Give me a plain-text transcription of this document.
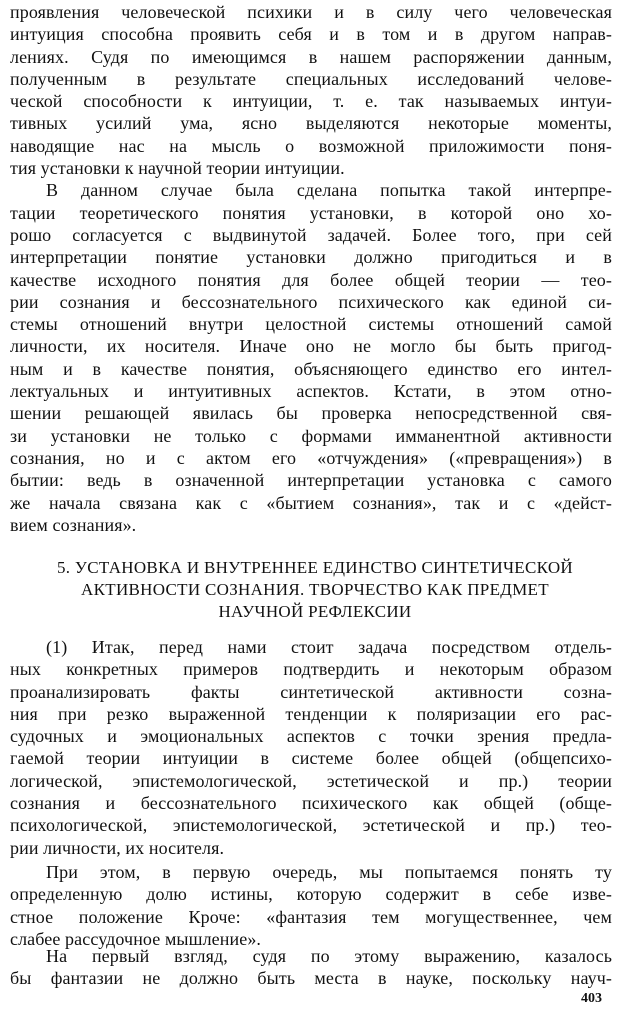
проявления человеческой психики и в силу чего человеческая
интуиция способна проявить себя и в том и в другом направ-
лениях. Судя по имеющимся в нашем распоряжении данным,
полученным в результате специальных исследований челове-
ческой способности к интуиции, т. е. так называемых интуи-
тивных усилий ума, ясно выделяются некоторые моменты,
наводящие нас на мысль о возможной приложимости поня-
тия установки к научной теории интуиции.
В данном случае была сделана попытка такой интерпре-
тации теоретического понятия установки, в которой оно хо-
рошо согласуется с выдвинутой задачей. Более того, при сей
интерпретации понятие установки должно пригодиться и в
качестве исходного понятия для более общей теории — тео-
рии сознания и бессознательного психического как единой си-
стемы отношений внутри целостной системы отношений самой
личности, их носителя. Иначе оно не могло бы быть пригод-
ным и в качестве понятия, объясняющего единство его интел-
лектуальных и интуитивных аспектов. Кстати, в этом отно-
шении решающей явилась бы проверка непосредственной свя-
зи установки не только с формами имманентной активности
сознания, но и с актом его «отчуждения» («превращения») в
бытии: ведь в означенной интерпретации установка с самого
же начала связана как с «бытием сознания», так и с «дейст-
вием сознания».
5. УСТАНОВКА И ВНУТРЕННЕЕ ЕДИНСТВО СИНТЕТИЧЕСКОЙ
АКТИВНОСТИ СОЗНАНИЯ. ТВОРЧЕСТВО КАК ПРЕДМЕТ
НАУЧНОЙ РЕФЛЕКСИИ
(1) Итак, перед нами стоит задача посредством отдель-
ных конкретных примеров подтвердить и некоторым образом
проанализировать факты синтетической активности созна-
ния при резко выраженной тенденции к поляризации его рас-
судочных и эмоциональных аспектов с точки зрения предла-
гаемой теории интуиции в системе более общей (общепсихо-
логической, эпистемологической, эстетической и пр.) теории
сознания и бессознательного психического как общей (обще-
психологической, эпистемологической, эстетической и пр.) тео-
рии личности, их носителя.
При этом, в первую очередь, мы попытаемся понять ту
определенную долю истины, которую содержит в себе изве-
стное положение Кроче: «фантазия тем могущественнее, чем
слабее рассудочное мышление».
На первый взгляд, судя по этому выражению, казалось
бы фантазии не должно быть места в науке, поскольку науч-
403
